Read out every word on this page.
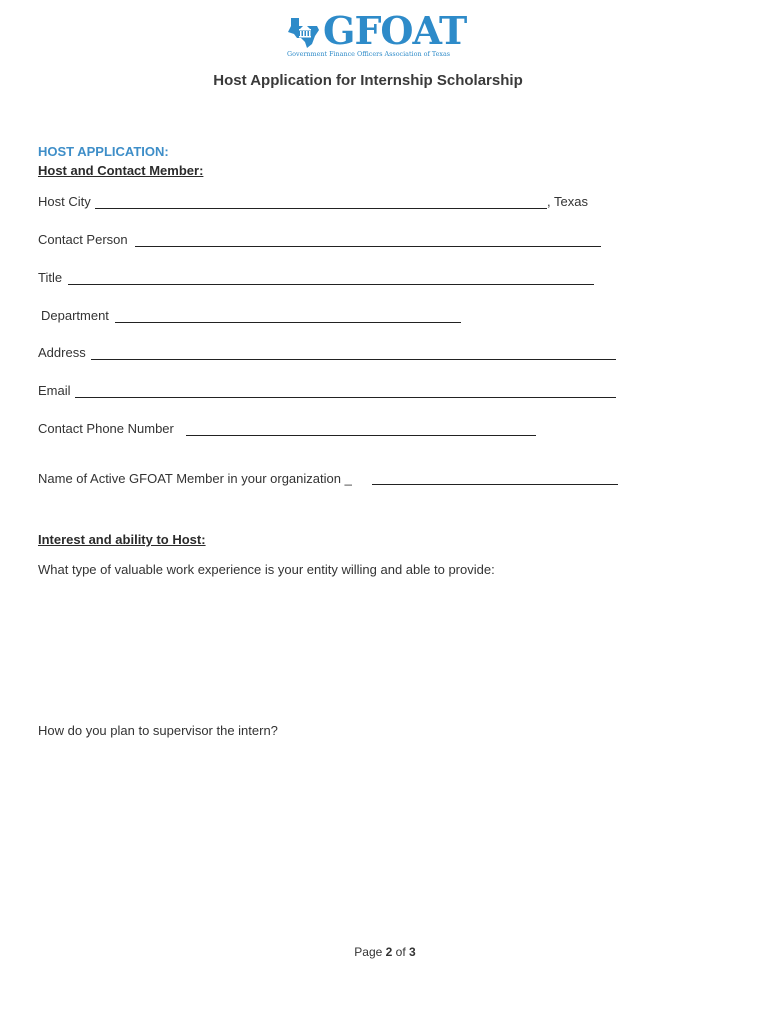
GFOAT
Government Finance Officers Association of Texas
Host Application for Internship Scholarship
HOST APPLICATION:
Host and Contact Member:
Host City	, Texas
Contact Person
Title
Department
Address
Email
Contact Phone Number
Name of Active GFOAT Member in your organization _
Interest and ability to Host:
What type of valuable work experience is your entity willing and able to provide:
How do you plan to supervisor the intern?
Page 2 of 3
